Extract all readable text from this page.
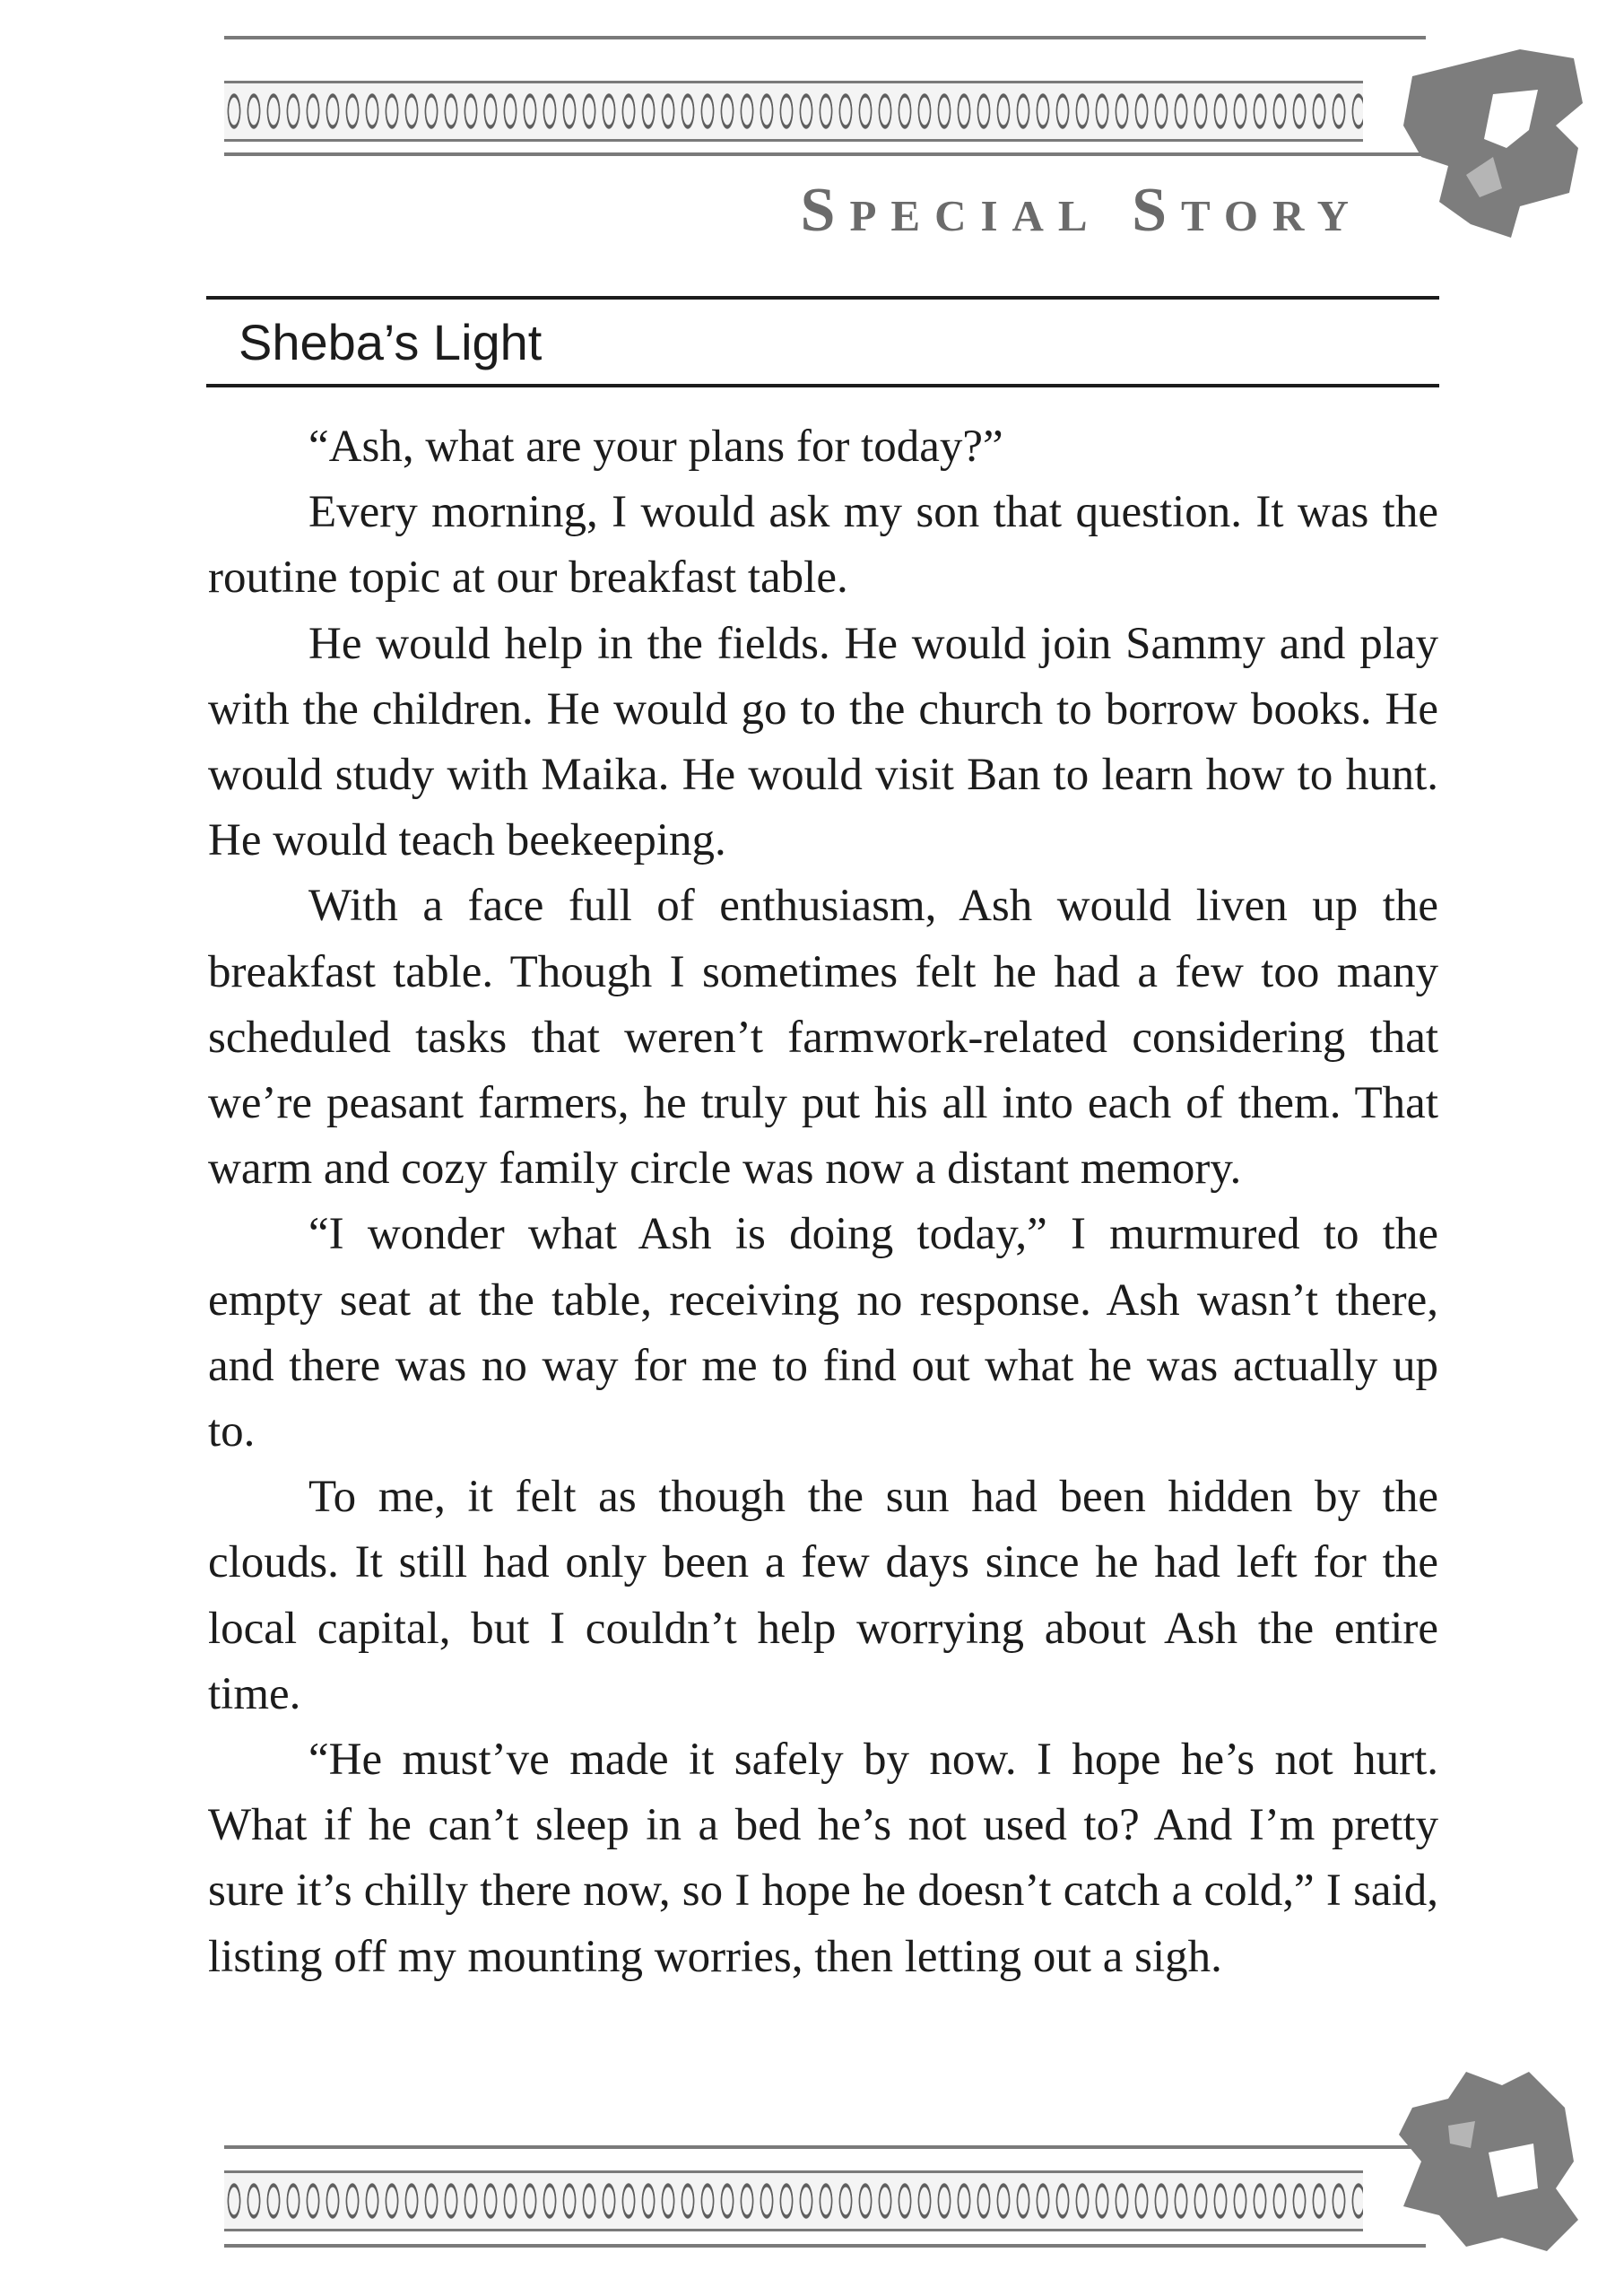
Special Story
Sheba’s Light

“Ash, what are your plans for today?”

Every morning, I would ask my son that question. It was the routine topic at our breakfast table.

He would help in the fields. He would join Sammy and play with the children. He would go to the church to borrow books. He would study with Maika. He would visit Ban to learn how to hunt. He would teach beekeeping.

With a face full of enthusiasm, Ash would liven up the breakfast table. Though I sometimes felt he had a few too many scheduled tasks that weren’t farmwork-related considering that we’re peasant farmers, he truly put his all into each of them. That warm and cozy family circle was now a distant memory.

“I wonder what Ash is doing today,” I murmured to the empty seat at the table, receiving no response. Ash wasn’t there, and there was no way for me to find out what he was actually up to.

To me, it felt as though the sun had been hidden by the clouds. It still had only been a few days since he had left for the local capital, but I couldn’t help worrying about Ash the entire time.

“He must’ve made it safely by now. I hope he’s not hurt. What if he can’t sleep in a bed he’s not used to? And I’m pretty sure it’s chilly there now, so I hope he doesn’t catch a cold,” I said, listing off my mounting worries, then letting out a sigh.
